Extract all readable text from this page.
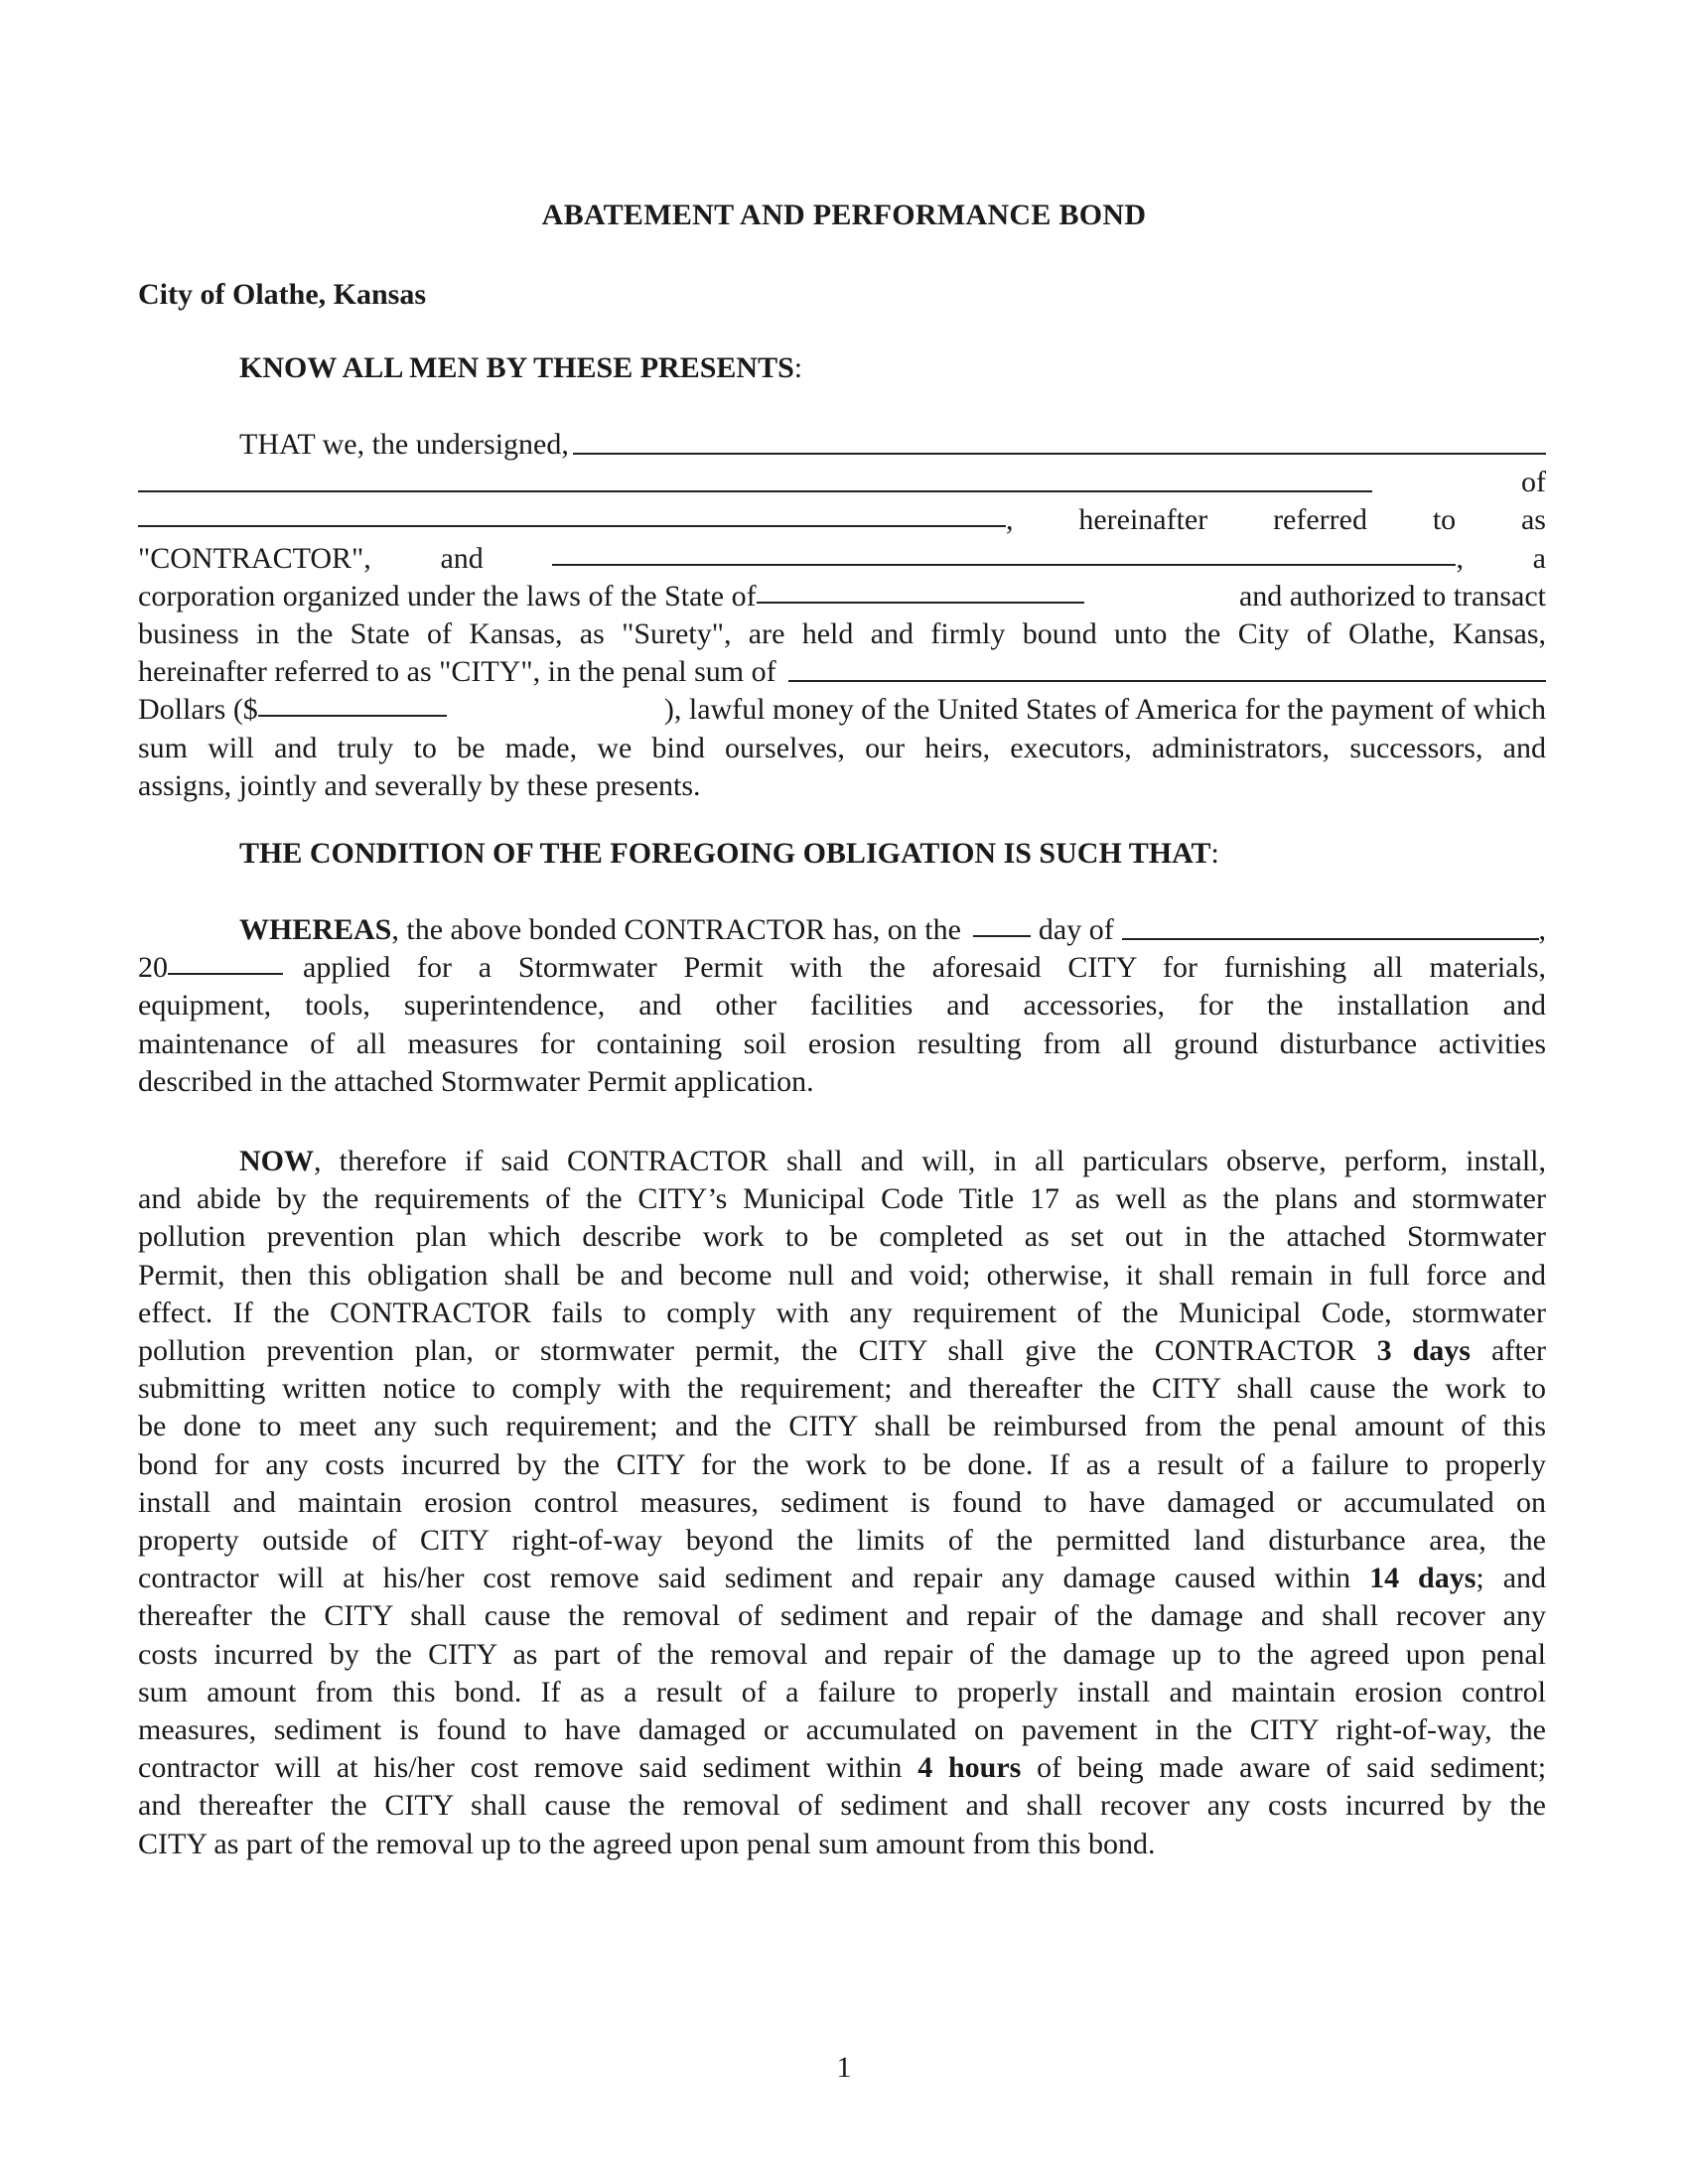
ABATEMENT AND PERFORMANCE BOND
City of Olathe, Kansas
KNOW ALL MEN BY THESE PRESENTS:
THAT we, the undersigned,
of
, hereinafter referred to as
"CONTRACTOR", and	, a
corporation organized under the laws of the State of	and authorized to transact
business in the State of Kansas, as "Surety", are held and firmly bound unto the City of Olathe, Kansas,
hereinafter referred to as "CITY", in the penal sum of
Dollars ($	), lawful money of the United States of America for the payment of which
sum will and truly to be made, we bind ourselves, our heirs, executors, administrators, successors, and
assigns, jointly and severally by these presents.
THE CONDITION OF THE FOREGOING OBLIGATION IS SUCH THAT:
WHEREAS , the above bonded CONTRACTOR has, on the	day of	,
20	applied for a Stormwater Permit with the aforesaid CITY for furnishing all materials,
equipment, tools, superintendence, and other facilities and accessories, for the installation and
maintenance of all measures for containing soil erosion resulting from all ground disturbance activities
described in the attached Stormwater Permit application.
NOW, therefore if said CONTRACTOR shall and will, in all particulars observe, perform, install,
and abide by the requirements of the CITY’s Municipal Code Title 17 as well as the plans and stormwater
pollution prevention plan which describe work to be completed as set out in the attached Stormwater
Permit, then this obligation shall be and become null and void; otherwise, it shall remain in full force and
effect. If the CONTRACTOR fails to comply with any requirement of the Municipal Code, stormwater
pollution prevention plan, or stormwater permit, the CITY shall give the CONTRACTOR 3 days after
submitting written notice to comply with the requirement; and thereafter the CITY shall cause the work to
be done to meet any such requirement; and the CITY shall be reimbursed from the penal amount of this
bond for any costs incurred by the CITY for the work to be done. If as a result of a failure to properly
install and maintain erosion control measures, sediment is found to have damaged or accumulated on
property outside of CITY right-of-way beyond the limits of the permitted land disturbance area, the
contractor will at his/her cost remove said sediment and repair any damage caused within 14 days; and
thereafter the CITY shall cause the removal of sediment and repair of the damage and shall recover any
costs incurred by the CITY as part of the removal and repair of the damage up to the agreed upon penal
sum amount from this bond. If as a result of a failure to properly install and maintain erosion control
measures, sediment is found to have damaged or accumulated on pavement in the CITY right-of-way, the
contractor will at his/her cost remove said sediment within 4 hours of being made aware of said sediment;
and thereafter the CITY shall cause the removal of sediment and shall recover any costs incurred by the
CITY as part of the removal up to the agreed upon penal sum amount from this bond.
1
